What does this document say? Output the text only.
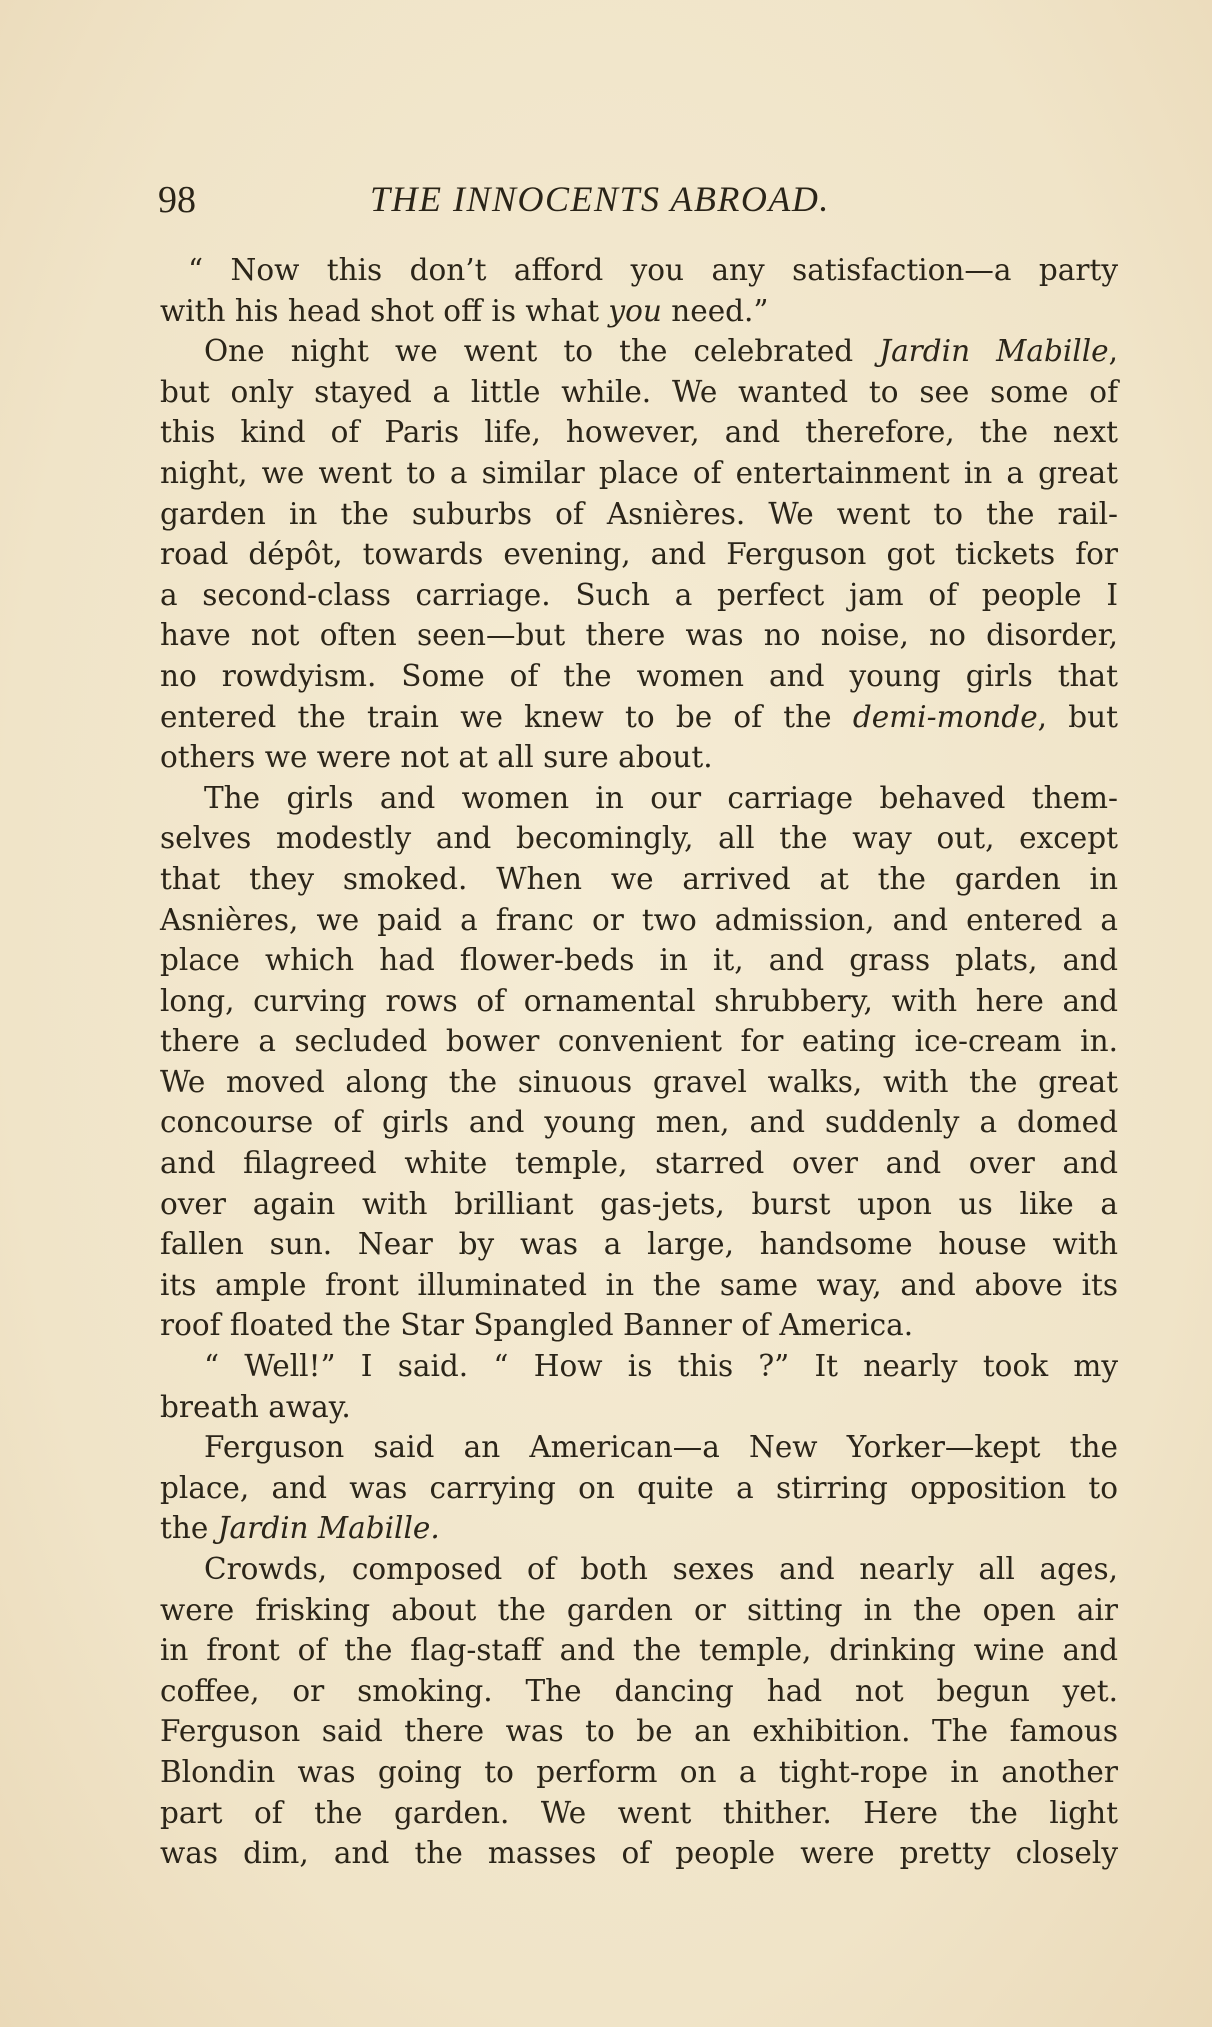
98	THE INNOCENTS ABROAD.
“ Now this don’t afford you any satisfaction—a party
with his head shot off is what you need.”
One night we went to the celebrated Jardin Mabille,
but only stayed a little while. We wanted to see some of
this kind of Paris life, however, and therefore, the next
night, we went to a similar place of entertainment in a great
garden in the suburbs of Asnières. We went to the rail-
road dépôt, towards evening, and Ferguson got tickets for
a second-class carriage. Such a perfect jam of people I
have not often seen—but there was no noise, no disorder,
no rowdyism. Some of the women and young girls that
entered the train we knew to be of the demi-monde, but
others we were not at all sure about.
The girls and women in our carriage behaved them-
selves modestly and becomingly, all the way out, except
that they smoked. When we arrived at the garden in
Asnières, we paid a franc or two admission, and entered a
place which had flower-beds in it, and grass plats, and
long, curving rows of ornamental shrubbery, with here and
there a secluded bower convenient for eating ice-cream in.
We moved along the sinuous gravel walks, with the great
concourse of girls and young men, and suddenly a domed
and filagreed white temple, starred over and over and
over again with brilliant gas-jets, burst upon us like a
fallen sun. Near by was a large, handsome house with
its ample front illuminated in the same way, and above its
roof floated the Star Spangled Banner of America.
“ Well!” I said. “ How is this ?” It nearly took my
breath away.
Ferguson said an American—a New Yorker—kept the
place, and was carrying on quite a stirring opposition to
the Jardin Mabille.
Crowds, composed of both sexes and nearly all ages,
were frisking about the garden or sitting in the open air
in front of the flag-staff and the temple, drinking wine and
coffee, or smoking. The dancing had not begun yet.
Ferguson said there was to be an exhibition. The famous
Blondin was going to perform on a tight-rope in another
part of the garden. We went thither. Here the light
was dim, and the masses of people were pretty closely
